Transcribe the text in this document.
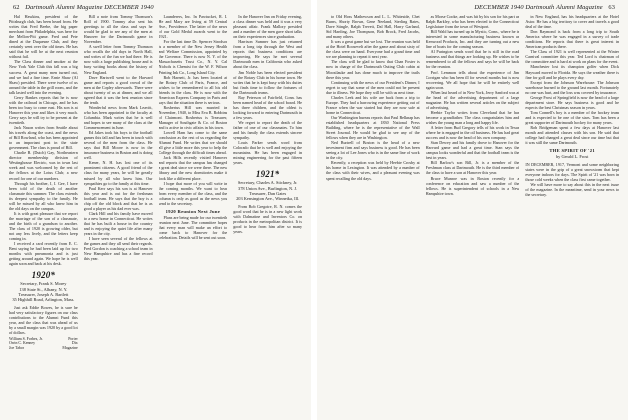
62 Dartmouth Alumni Magazine DECEMBER 1940

Hal Hawkins, president of the Pittsburgh club, has been heard from. He writes that Fred Beebe, the big paper merchant from Philadelphia, was here for the Mellon-Pitt game. Fred and Pete dined at the Duquesne Club, and they certainly went over the old times. He has said that he will be at the next reunion without fail.

The Class dinner and smoker at the New York Yale Club this fall was a big success. A great many men turned out, and we had a fine time. Ernie Shaw (Al Shaw) presided. There were twelve of us around the table in the grill room, and the talk lasted well into the evening.

Gerry Bankes reports that he is now with the railroad in Chicago, and he has been too busy to come east. His son is at Hanover this year and likes it very much. Gerry says he will try to be present at the twentieth.

Jack Nason writes from Seattle about his travels along the coast, and the news of Bill Rowland, who has been appointed to an important post in the state government. The class is proud of Bill.

Charlie B. (Dutch) Gay, Northeastern director membership division of Westinghouse Electric, was in town last week and was welcomed by the rest of the fellows at the Lotus Club; a new record for one of our numbers.

Through his brother, I, I. Gee, I have been told of the death of another classmate this summer. The class extends its deepest sympathy to the family. He will be missed by all who knew him in the old days on the campus.

It is with great pleasure that we report the marriage of the son of a classmate, and the birth of a grandson to another. The class of 1920 is growing older, but not any less lively, and the letters keep coming in.

I received a card recently from E. C. Bent saying he had been laid up for two months with pneumonia and is just getting around again. We hope he is well again soon and back at his desk.

1920*
Secretary, Frank S. Morey
138 State St., Albany, N. Y.
Treasurer, Joseph A. Bartlett
35 Highhill Road, Arlington, Mass.

Just ask Eddie Bowes, he is sure he had very satisfactory figures on our class contributions to the Alumni Fund this year, and the class that was ahead of us by a small margin was 1920 by a good lot of dollars.

William S. Forbes, Jr.	Porter
Orrin C. Kenney	Dix
Joe Tabor	Magazine

Bill a note from Tommy Thomson's Roll of 1900. Tommy also sent his greetings to all the class and says he would be glad to see any of the men at Hanover for the Dartmouth game in November.

A swell letter from Tommy Thomson who recalls the old days in North Hall, and writes of the fun we had there. He is now with a large publishing house and is busy writing books about the history of New England.

Dave Hartwell went to the Harvard game and reports a good crowd of the men at the Copley afterwards. There were about twenty of us at dinner, and we all agreed that it was the best reunion since the tenth.

Wonderful news from Mark Leavitt, who has been appointed to the faculty at Columbia. Mark writes that he is well and hopes to see many of the class at the Commencement in June.

Ed Jakes took his boys to the football games this fall and has been in touch with several of the men from the class. He says that Bill Moore is now in the insurance business in Boston and is doing well.

Kener, N. H. has lost one of its prominent citizens. A good friend of the class for many years, he will be greatly missed by all who knew him. Our sympathies go to the family at this time.

Paul Kerr says his son is at Hanover this year and is out for the freshman football team. He says that the boy is a chip off the old block and that he is as good a player as his dad ever was.

Clark Hill and his family have moved to a new home in Connecticut. He writes that he has built a house in the country and is enjoying the quiet life after many years in the city.

I have seen several of the fellows at the games and they all send their regards. Fred Gordon is coaching a school team in New Hampshire and has a fine record this year.

Launderers, Inc. In Pawtucket, R. I. He and Mary are living at 59 Central Ave., Providence. The latter of the news of our Gold Medal awards went to the 1921.

For the last time Dr. Spencer Strodsor is a member of the New Jersey Health and Welfare Commission, appointed by the Governor. There is now N. Y. of the Massachusetts Trust Co., N. Y. Cal Nichols is Chemist for the W. F. Wilson Printing Ink Co., Long Island City.

Bob Harnett, Jr. has been located at the Rotary Club of Paris, France, and wishes to be remembered to all his old friends in the class. He is now with the American Express Company in Paris and says that the situation there is serious.

Rosbertus Hill was married in November, 1940, to Miss Eva B. Robbins of Clairmont. Rosbertus is Treasurer, Manager of Southgate & Co. of Boston and is active in civic affairs in his town.

Lowell Ham has come to the same conclusion as the rest of us regarding the Alumni Fund. He writes that we should all give a little more this year to help the College through the difficult times ahead.

Jack Hills recently visited Hanover and reports that the campus has changed a great deal since we were there. The new library and the new dormitories make it look like a different place.

I hope that more of you will write in the coming months. We want to hear from every member of the class, and the column is only as good as the news you send to the secretary.

1920 Reunion Next June

Plans are being made for our twentieth reunion next June. The committee hopes that every man will make an effort to come back to Hanover for the celebration. Details will be sent out soon.

In the Hanover Inn on Friday evening, a class dinner was held and it was a very pleasant affair. Frank Mallory presided and a number of the men gave short talks on their experiences since graduation.

Harrison Sumner has just returned from a long trip through the West and reports that business conditions are improving. He says he met several Dartmouth men in California who asked about the class.

Jim Noble has been elected president of the Rotary Club in his home town. He writes that he is kept busy with his duties but finds time to follow the fortunes of the Dartmouth teams.

Ray Peterson of Fairfield, Conn. has been named head of the school board. He has three children, and the oldest is looking forward to entering Dartmouth in a few years.

We regret to report the death of the father of one of our classmates. To him and his family the class extends sincere sympathy.

Louis Parker sends word from Colorado that he is well and enjoying the mountains. He has been engaged in mining engineering for the past fifteen years.

1921*
Secretary, Charles A. Stickney, Jr.
378 Union Ave., Burlington, N. J.
Treasurer, Dan Gates
203 Kensington Ave., Winnetka, Ill.

From Bob Gregoire, R. N. comes the good word that he is in a new light work with Dalmatine and Inventors Co. on products in the metropolitan district. It is good to hear from him after so many years.

DECEMBER 1940 Dartmouth Alumni Magazine 63

to Old Hoss Mathewson and L. L. Whiteside, Chet Burns, Shorty Brown, Gene Neeland, Sterling Bates, Dave Stingle, Ralph Trevett, Dal Hall, Harry Garland, Sid Harding, Joe Thompson, Bob Brock, Fred Jacobs, and many others.

It was a great game but we lost. The reunion was held at the Hotel Roosevelt after the game and about sixty of the class were on hand. Everyone had a grand time and we are planning to repeat it next year.

The class will be glad to know that Chan Foster is now in charge of the Dartmouth Outing Club cabin at Moosilauke and has done much to improve the trails there this year.

Continuing with the news of our President's Dinner, I regret to say that some of the men could not be present due to illness. We hope they will be with us next time.

Charles Leek and his wife are back from a trip to Europe. They had a harrowing experience getting out of France when the war started but they are now safe at home in Connecticut.

Our Washington bureau reports that Paul Belknap has established headquarters at 1830 National Press Building, where he is the representative of the Wall Street Journal. He would be glad to see any of the fellows when they are in Washington.

Ned Burtrell of Boston is the head of a new investment firm and says business is good. He has been seeing a lot of Lee Jones who is in the same line of work in the city.

Recently, a reception was held by Heebie Crosby at his home in Lexington. It was attended by a number of the class with their wives, and a pleasant evening was spent recalling the old days.

as Morse Cooke, and was hit by his son for his part as Ralph Barkley, who has been elected to the Connecticut Legislature from the town of Westport.

Bill Wald has turned up in Mystic, Conn., where he is interested in some manufacturing business known as Kenwood Products, Inc. and they are turning out a new line of boats for the coming season.

Al Purington sends word that he is still in the road business and that things are looking up. He wishes to be remembered to all the fellows and says he will be back for the reunion.

Prof. Lemmon tells about the experience of Jim Corrigan who has been ill for several months but is now recovering. We all hope that he will be entirely well again soon.

When last heard of in New York, Jerry Sanford was at the head of the advertising department of a large magazine. He has written several articles on the subject of advertising.

Heebie Taylor writes from Cleveland that he has become a grandfather. The class congratulates him and wishes the young man a long and happy life.

A letter from Bud Gregory tells of his work in Texas where he is engaged in the oil business. He has had great success and is now the head of his own company.

Stan Dewey and his family drove to Hanover for the Harvard game and had a great time. Stan says the campus looks wonderful and that the football team is the best in years.

Bill Barlow's son Bill, Jr. is a member of the Freshman class at Dartmouth. He is the third member of the class to have a son at Hanover this year.

Bruce Munroe was in Boston recently for a conference on education and saw a number of the fellows. He is superintendent of schools in a New Hampshire town.

in New England, has his headquarters at the Hotel Astor. He has a big territory to cover and travels a good deal of the time.

Don Raymond is back from a long trip to South America where he was engaged in a survey of trade conditions. He reports that there is great interest in American products there.

The Class of 1921 is well represented at the Winter Carnival committee this year. Ted Lord is chairman of the committee and is hard at work on plans for the event.

Manchester lost its champion golfer when Dick Hayward moved to Florida. He says the weather there is fine for golf and he plays every day.

Except from the Johnson Warehouse: The Johnson warehouse burned to the ground last month. Fortunately no one was hurt, and the loss was covered by insurance.

George Frost of Springfield is now the head of a large department store. He says business is good and he expects the best Christmas season in years.

Tom Connell's boy is a member of the hockey team and is expected to be one of the stars. Tom has been a great supporter of Dartmouth hockey for many years.

Rob Bridgeman spent a few days at Hanover last month and attended classes with his son. He said that college had changed a great deal since our time but that it was still the same Dartmouth.

THE SPIRIT OF '21
by Gerald L. Frost

IN DECEMBER, 1917, Vermont and some neighboring states were in the grip of a great snowstorm that kept everyone indoors for days. The Spirit of '21 was born in those cold weeks when the class first came together.

We will have more to say about this in the next issue of the magazine. In the meantime, send in your news to the secretary.
